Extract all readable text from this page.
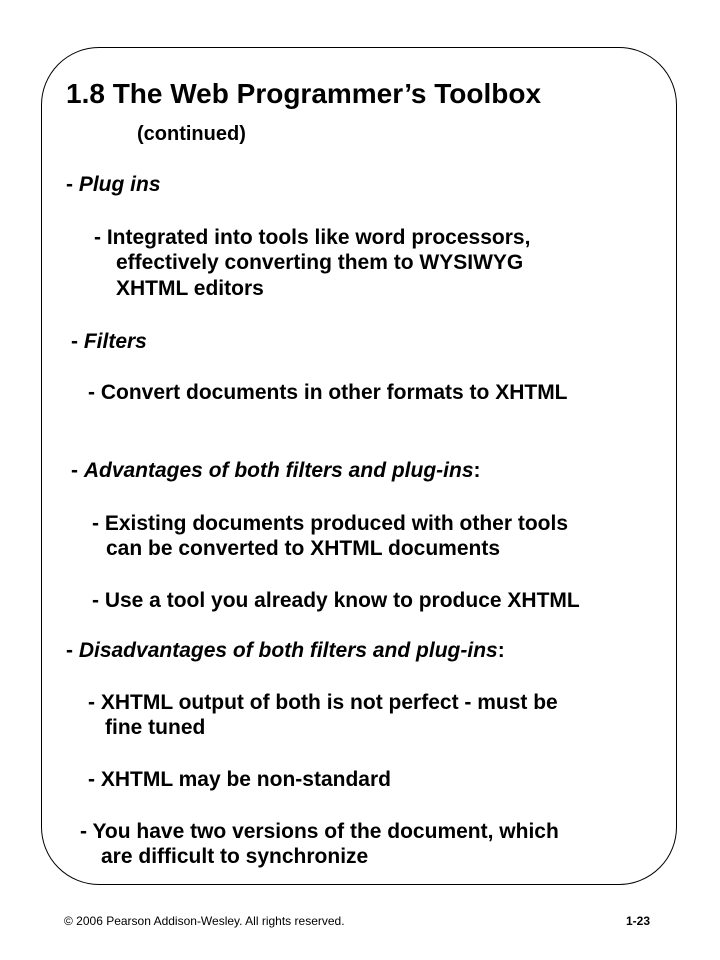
1.8 The Web Programmer’s Toolbox
(continued)
- Plug ins
- Integrated into tools like word processors,
effectively converting them to WYSIWYG
XHTML editors
- Filters
- Convert documents in other formats to XHTML
- Advantages of both filters and plug-ins:
- Existing documents produced with other tools
can be converted to XHTML documents
- Use a tool you already know to produce XHTML
- Disadvantages of both filters and plug-ins:
- XHTML output of both is not perfect - must be
fine tuned
- XHTML may be non-standard
- You have two versions of the document, which
are difficult to synchronize
© 2006 Pearson Addison-Wesley. All rights reserved.	1-23
